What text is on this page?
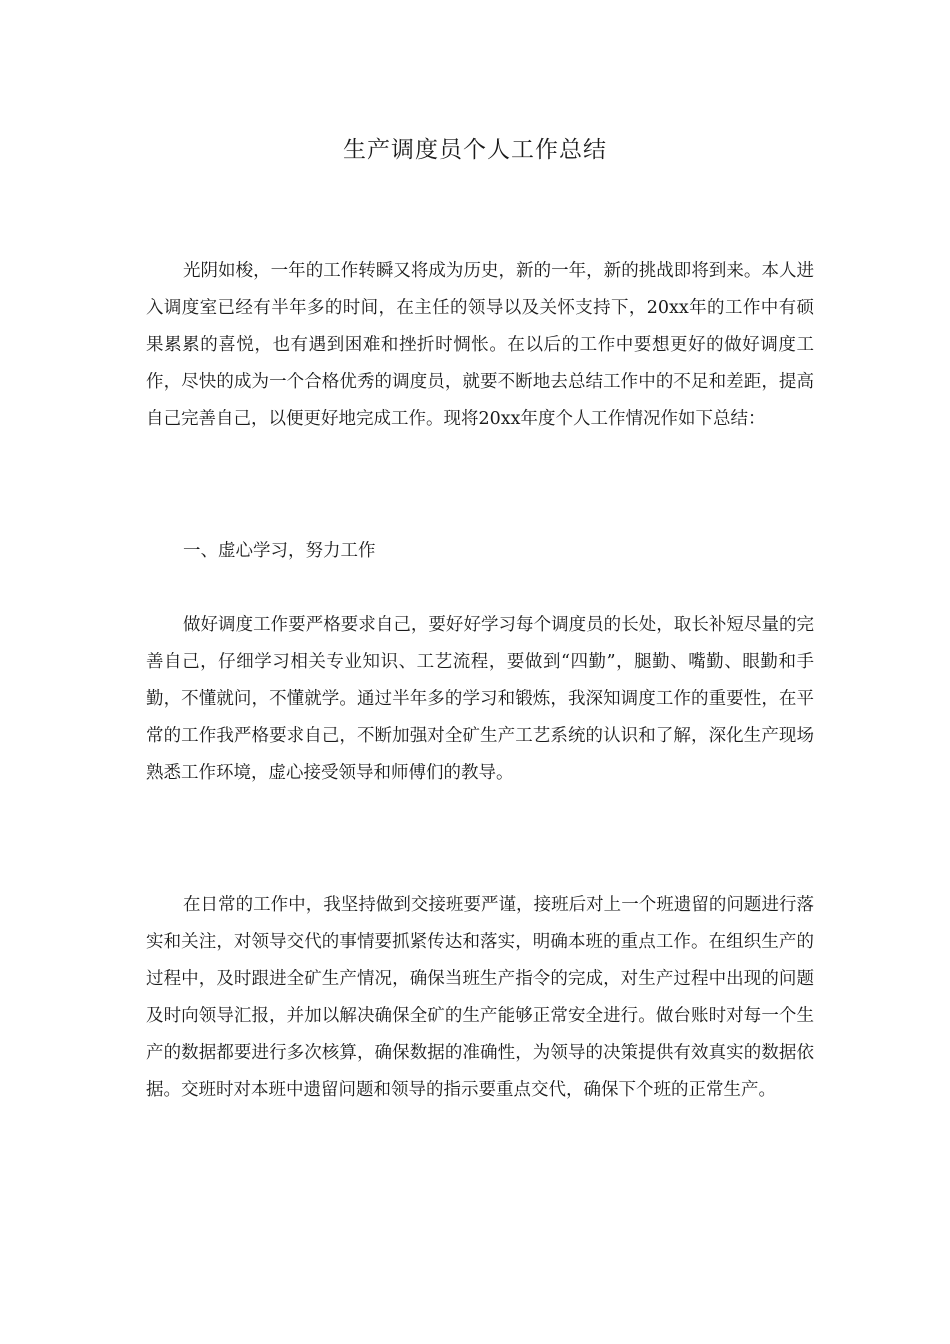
生产调度员个人工作总结

光阴如梭，一年的工作转瞬又将成为历史，新的一年，新的挑战即将到来。本人进入调度室已经有半年多的时间，在主任的领导以及关怀支持下，20xx年的工作中有硕果累累的喜悦，也有遇到困难和挫折时惆怅。在以后的工作中要想更好的做好调度工作，尽快的成为一个合格优秀的调度员，就要不断地去总结工作中的不足和差距，提高自己完善自己，以便更好地完成工作。现将20xx年度个人工作情况作如下总结：

一、虚心学习，努力工作

做好调度工作要严格要求自己，要好好学习每个调度员的长处，取长补短尽量的完善自己，仔细学习相关专业知识、工艺流程，要做到“四勤”，腿勤、嘴勤、眼勤和手勤，不懂就问，不懂就学。通过半年多的学习和锻炼，我深知调度工作的重要性，在平常的工作我严格要求自己，不断加强对全矿生产工艺系统的认识和了解，深化生产现场熟悉工作环境，虚心接受领导和师傅们的教导。

在日常的工作中，我坚持做到交接班要严谨，接班后对上一个班遗留的问题进行落实和关注，对领导交代的事情要抓紧传达和落实，明确本班的重点工作。在组织生产的过程中，及时跟进全矿生产情况，确保当班生产指令的完成，对生产过程中出现的问题及时向领导汇报，并加以解决确保全矿的生产能够正常安全进行。做台账时对每一个生产的数据都要进行多次核算，确保数据的准确性，为领导的决策提供有效真实的数据依据。交班时对本班中遗留问题和领导的指示要重点交代，确保下个班的正常生产。
